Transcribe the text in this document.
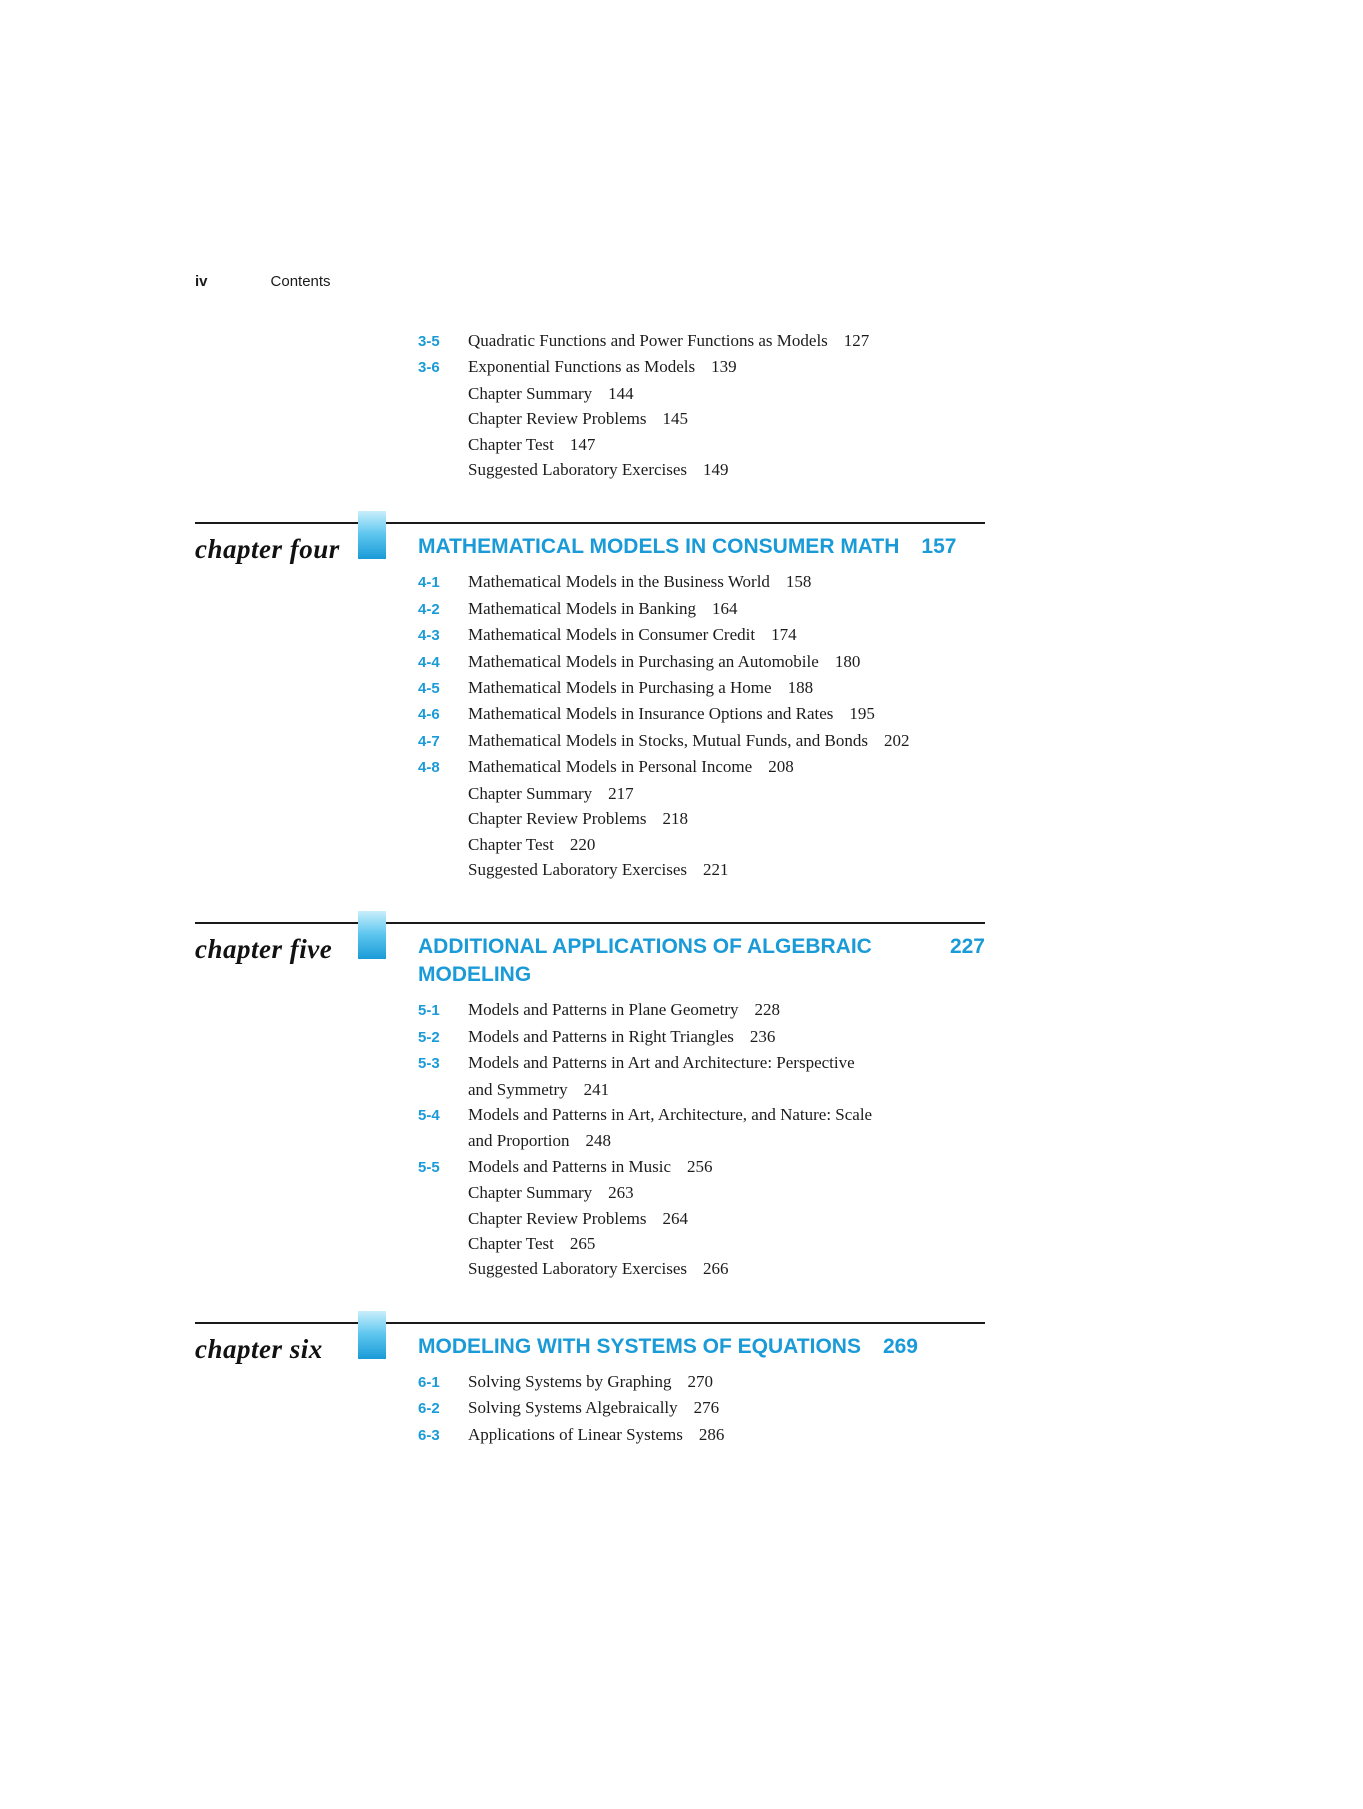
iv	Contents
3-5	Quadratic Functions and Power Functions as Models 127
3-6	Exponential Functions as Models 139
Chapter Summary 144
Chapter Review Problems 145
Chapter Test 147
Suggested Laboratory Exercises 149
chapter four	MATHEMATICAL MODELS IN CONSUMER MATH 157
4-1	Mathematical Models in the Business World 158
4-2	Mathematical Models in Banking 164
4-3	Mathematical Models in Consumer Credit 174
4-4	Mathematical Models in Purchasing an Automobile 180
4-5	Mathematical Models in Purchasing a Home 188
4-6	Mathematical Models in Insurance Options and Rates 195
4-7	Mathematical Models in Stocks, Mutual Funds, and Bonds 202
4-8	Mathematical Models in Personal Income 208
Chapter Summary 217
Chapter Review Problems 218
Chapter Test 220
Suggested Laboratory Exercises 221
chapter five	ADDITIONAL APPLICATIONS OF ALGEBRAIC MODELING
227
5-1	Models and Patterns in Plane Geometry 228
5-2	Models and Patterns in Right Triangles 236
5-3	Models and Patterns in Art and Architecture: Perspective
and Symmetry 241
5-4	Models and Patterns in Art, Architecture, and Nature: Scale
and Proportion 248
5-5	Models and Patterns in Music 256
Chapter Summary 263
Chapter Review Problems 264
Chapter Test 265
Suggested Laboratory Exercises 266
chapter six	MODELING WITH SYSTEMS OF EQUATIONS 269
6-1	Solving Systems by Graphing 270
6-2	Solving Systems Algebraically 276
6-3	Applications of Linear Systems 286
